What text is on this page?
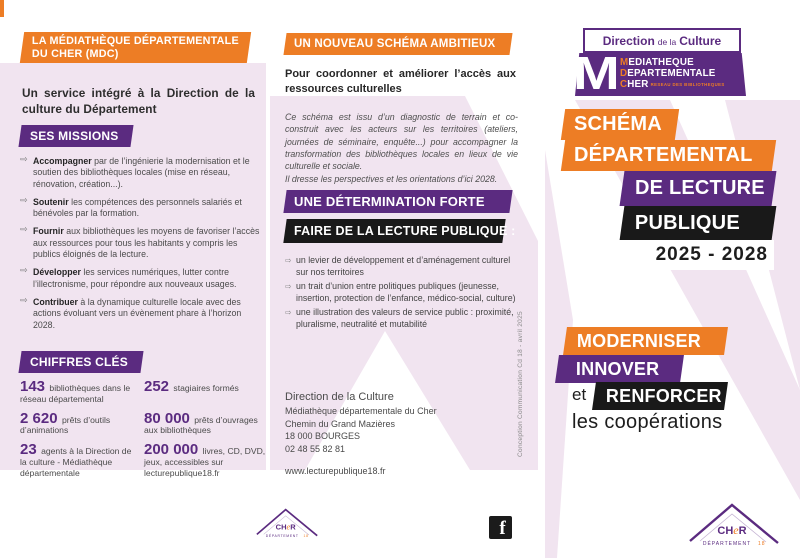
LA MÉDIATHÈQUE DÉPARTEMENTALE DU CHER (MDC)
Un service intégré à la Direction de la culture du Département
SES MISSIONS
⇨ Accompagner par de l’ingénierie la modernisation et le soutien des bibliothèques locales (mise en réseau, rénovation, création...).
⇨ Soutenir les compétences des personnels salariés et bénévoles par la formation.
⇨ Fournir aux bibliothèques les moyens de favoriser l’accès aux ressources pour tous les habitants y compris les publics éloignés de la lecture.
⇨ Développer les services numériques, lutter contre l’illectronisme, pour répondre aux nouveaux usages.
⇨ Contribuer à la dynamique culturelle locale avec des actions évoluant vers un évènement phare à l’horizon 2028.
CHIFFRES CLÉS

143 bibliothèques dans le réseau départemental

252 stagiaires formés

2 620 prêts d’outils d’animations

80 000 prêts d’ouvrages aux bibliothèques

23 agents à la Direction de la culture - Médiathèque départementale

200 000 livres, CD, DVD, jeux, accessibles sur lecturepublique18.fr

UN NOUVEAU SCHÉMA AMBITIEUX
Pour coordonner et améliorer l’accès aux ressources culturelles

Ce schéma est issu d’un diagnostic de terrain et co-construit avec les acteurs sur les territoires (ateliers, journées de séminaire, enquête...) pour accompagner la transformation des bibliothèques locales en lieux de vie culturelle et sociale.

Il dresse les perspectives et les orientations d’ici 2028.

UNE DÉTERMINATION FORTE
FAIRE DE LA LECTURE PUBLIQUE :
⇨ un levier de développement et d’aménagement culturel sur nos territoires
⇨ un trait d’union entre politiques publiques (jeunesse, insertion, protection de l’enfance, médico-social, culture)
⇨ une illustration des valeurs de service public : proximité, pluralisme, neutralité et mutabilité
Direction de la Culture
Médiathèque départementale du Cher
Chemin du Grand Mazières
18 000 BOURGES
02 48 55 82 81
www.lecturepublique18.fr
Conception Communication Cd 18 - avril 2025
CHeR
DÉPARTEMENT 18	f
Direction de la Culture
M MEDIATHEQUE
DEPARTEMENTALE
CHER RESEAU DES BIBLIOTHEQUES
SCHÉMA
DÉPARTEMENTAL
DE LECTURE
PUBLIQUE
2025 - 2028
MODERNISER
INNOVER
et RENFORCER
les coopérations
CHeR
DÉPARTEMENT 18
